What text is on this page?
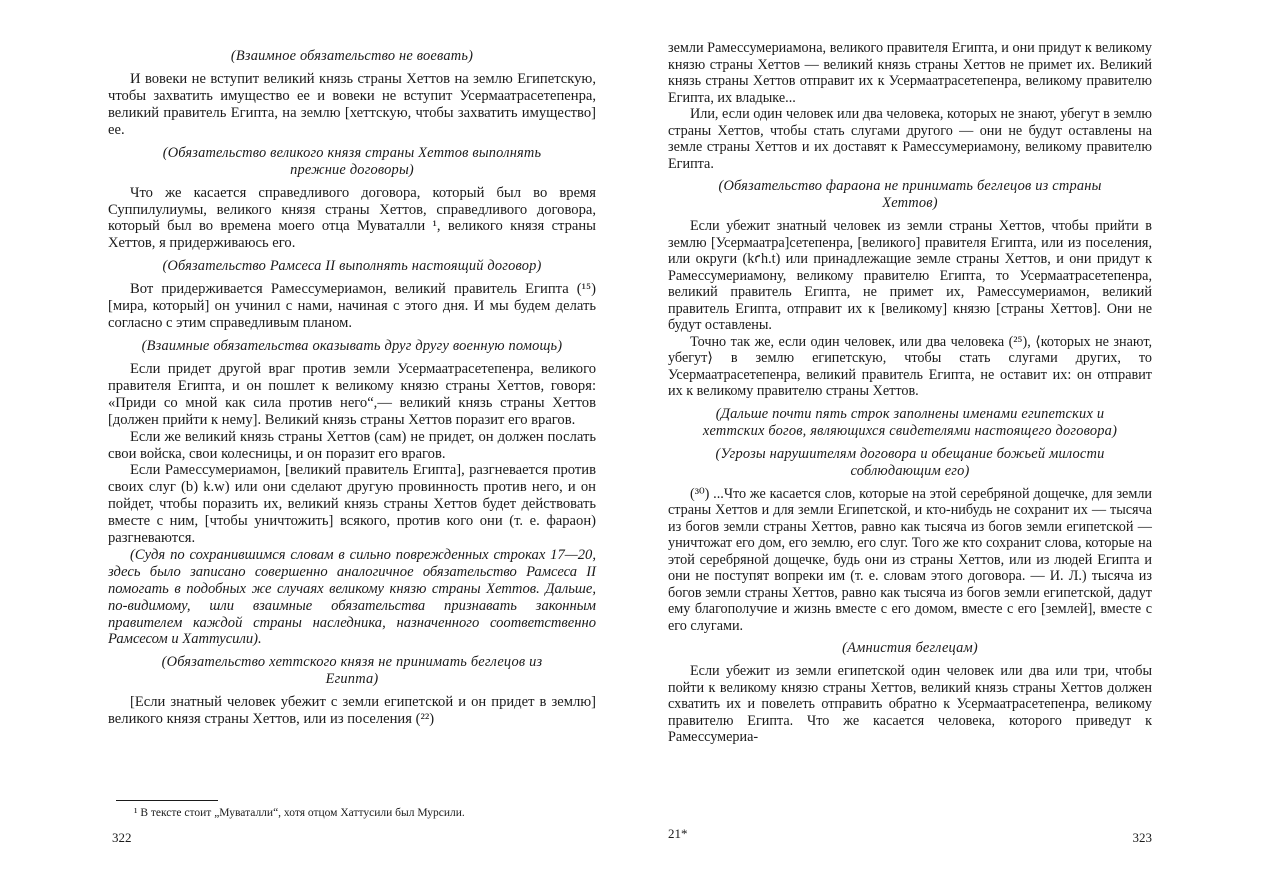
(Взаимное обязательство не воевать)

И вовеки не вступит великий князь страны Хеттов на землю Египетскую, чтобы захватить имущество ее и вовеки не вступит Усермаатрасетепенра, великий правитель Египта, на землю [хеттскую, чтобы захватить имущество] ее.

(Обязательство великого князя страны Хеттов выполнять прежние договоры)

Что же касается справедливого договора, который был во время Суппилулиумы, великого князя страны Хеттов, справедливого договора, который был во времена моего отца Муваталли ¹, великого князя страны Хеттов, я придерживаюсь его.

(Обязательство Рамсеса II выполнять настоящий договор)

Вот придерживается Рамессумериамон, великий правитель Египта (¹⁵) [мира, который] он учинил с нами, начиная с этого дня. И мы будем делать согласно с этим справедливым планом.

(Взаимные обязательства оказывать друг другу военную помощь)

Если придет другой враг против земли Усермаатрасетепенра, великого правителя Египта, и он пошлет к великому князю страны Хеттов, говоря: «Приди со мной как сила против него“,— великий князь страны Хеттов [должен прийти к нему]. Великий князь страны Хеттов поразит его врагов.

Если же великий князь страны Хеттов (сам) не придет, он должен послать свои войска, свои колесницы, и он поразит его врагов.

Если Рамессумериамон, [великий правитель Египта], разгневается против своих слуг (b) k.w) или они сделают другую провинность против него, и он пойдет, чтобы поразить их, великий князь страны Хеттов будет действовать вместе с ним, [чтобы уничтожить] всякого, против кого они (т. е. фараон) разгневаются.

(Судя по сохранившимся словам в сильно поврежденных строках 17—20, здесь было записано совершенно аналогичное обязательство Рамсеса II помогать в подобных же случаях великому князю страны Хеттов. Дальше, по-видимому, шли взаимные обязательства признавать законным правителем каждой страны наследника, назначенного соответственно Рамсесом и Хаттусили).

(Обязательство хеттского князя не принимать беглецов из Египта)

[Если знатный человек убежит с земли египетской и он придет в землю] великого князя страны Хеттов, или из поселения (²²)

¹ В тексте стоит „Муваталли“, хотя отцом Хаттусили был Мурсили.

322

земли Рамессумериамона, великого правителя Египта, и они придут к великому князю страны Хеттов — великий князь страны Хеттов не примет их. Великий князь страны Хеттов отправит их к Усермаатрасетепенра, великому правителю Египта, их владыке...

Или, если один человек или два человека, которых не знают, убегут в землю страны Хеттов, чтобы стать слугами другого — они не будут оставлены на земле страны Хеттов и их доставят к Рамессумериамону, великому правителю Египта.

(Обязательство фараона не принимать беглецов из страны Хеттов)

Если убежит знатный человек из земли страны Хеттов, чтобы прийти в землю [Усермаатра]сетепенра, [великого] правителя Египта, или из поселения, или округи (kꜥh.t) или принадлежащие земле страны Хеттов, и они придут к Рамессумериамону, великому правителю Египта, то Усермаатрасетепенра, великий правитель Египта, не примет их, Рамессумериамон, великий правитель Египта, отправит их к [великому] князю [страны Хеттов]. Они не будут оставлены.

Точно так же, если один человек, или два человека (²⁵), ⟨которых не знают, убегут⟩ в землю египетскую, чтобы стать слугами других, то Усермаатрасетепенра, великий правитель Египта, не оставит их: он отправит их к великому правителю страны Хеттов.

(Дальше почти пять строк заполнены именами египетских и хеттских богов, являющихся свидетелями настоящего договора)

(Угрозы нарушителям договора и обещание божьей милости соблюдающим его)

(³⁰) ...Что же касается слов, которые на этой серебряной дощечке, для земли страны Хеттов и для земли Египетской, и кто-нибудь не сохранит их — тысяча из богов земли страны Хеттов, равно как тысяча из богов земли египетской — уничтожат его дом, его землю, его слуг. Того же кто сохранит слова, которые на этой серебряной дощечке, будь они из страны Хеттов, или из людей Египта и они не поступят вопреки им (т. е. словам этого договора. — И. Л.) тысяча из богов земли страны Хеттов, равно как тысяча из богов земли египетской, дадут ему благополучие и жизнь вместе с его домом, вместе с его [землей], вместе с его слугами.

(Амнистия беглецам)

Если убежит из земли египетской один человек или два или три, чтобы пойти к великому князю страны Хеттов, великий князь страны Хеттов должен схватить их и повелеть отправить обратно к Усермаатрасетепенра, великому правителю Египта. Что же касается человека, которого приведут к Рамессумериа-

21*	323
